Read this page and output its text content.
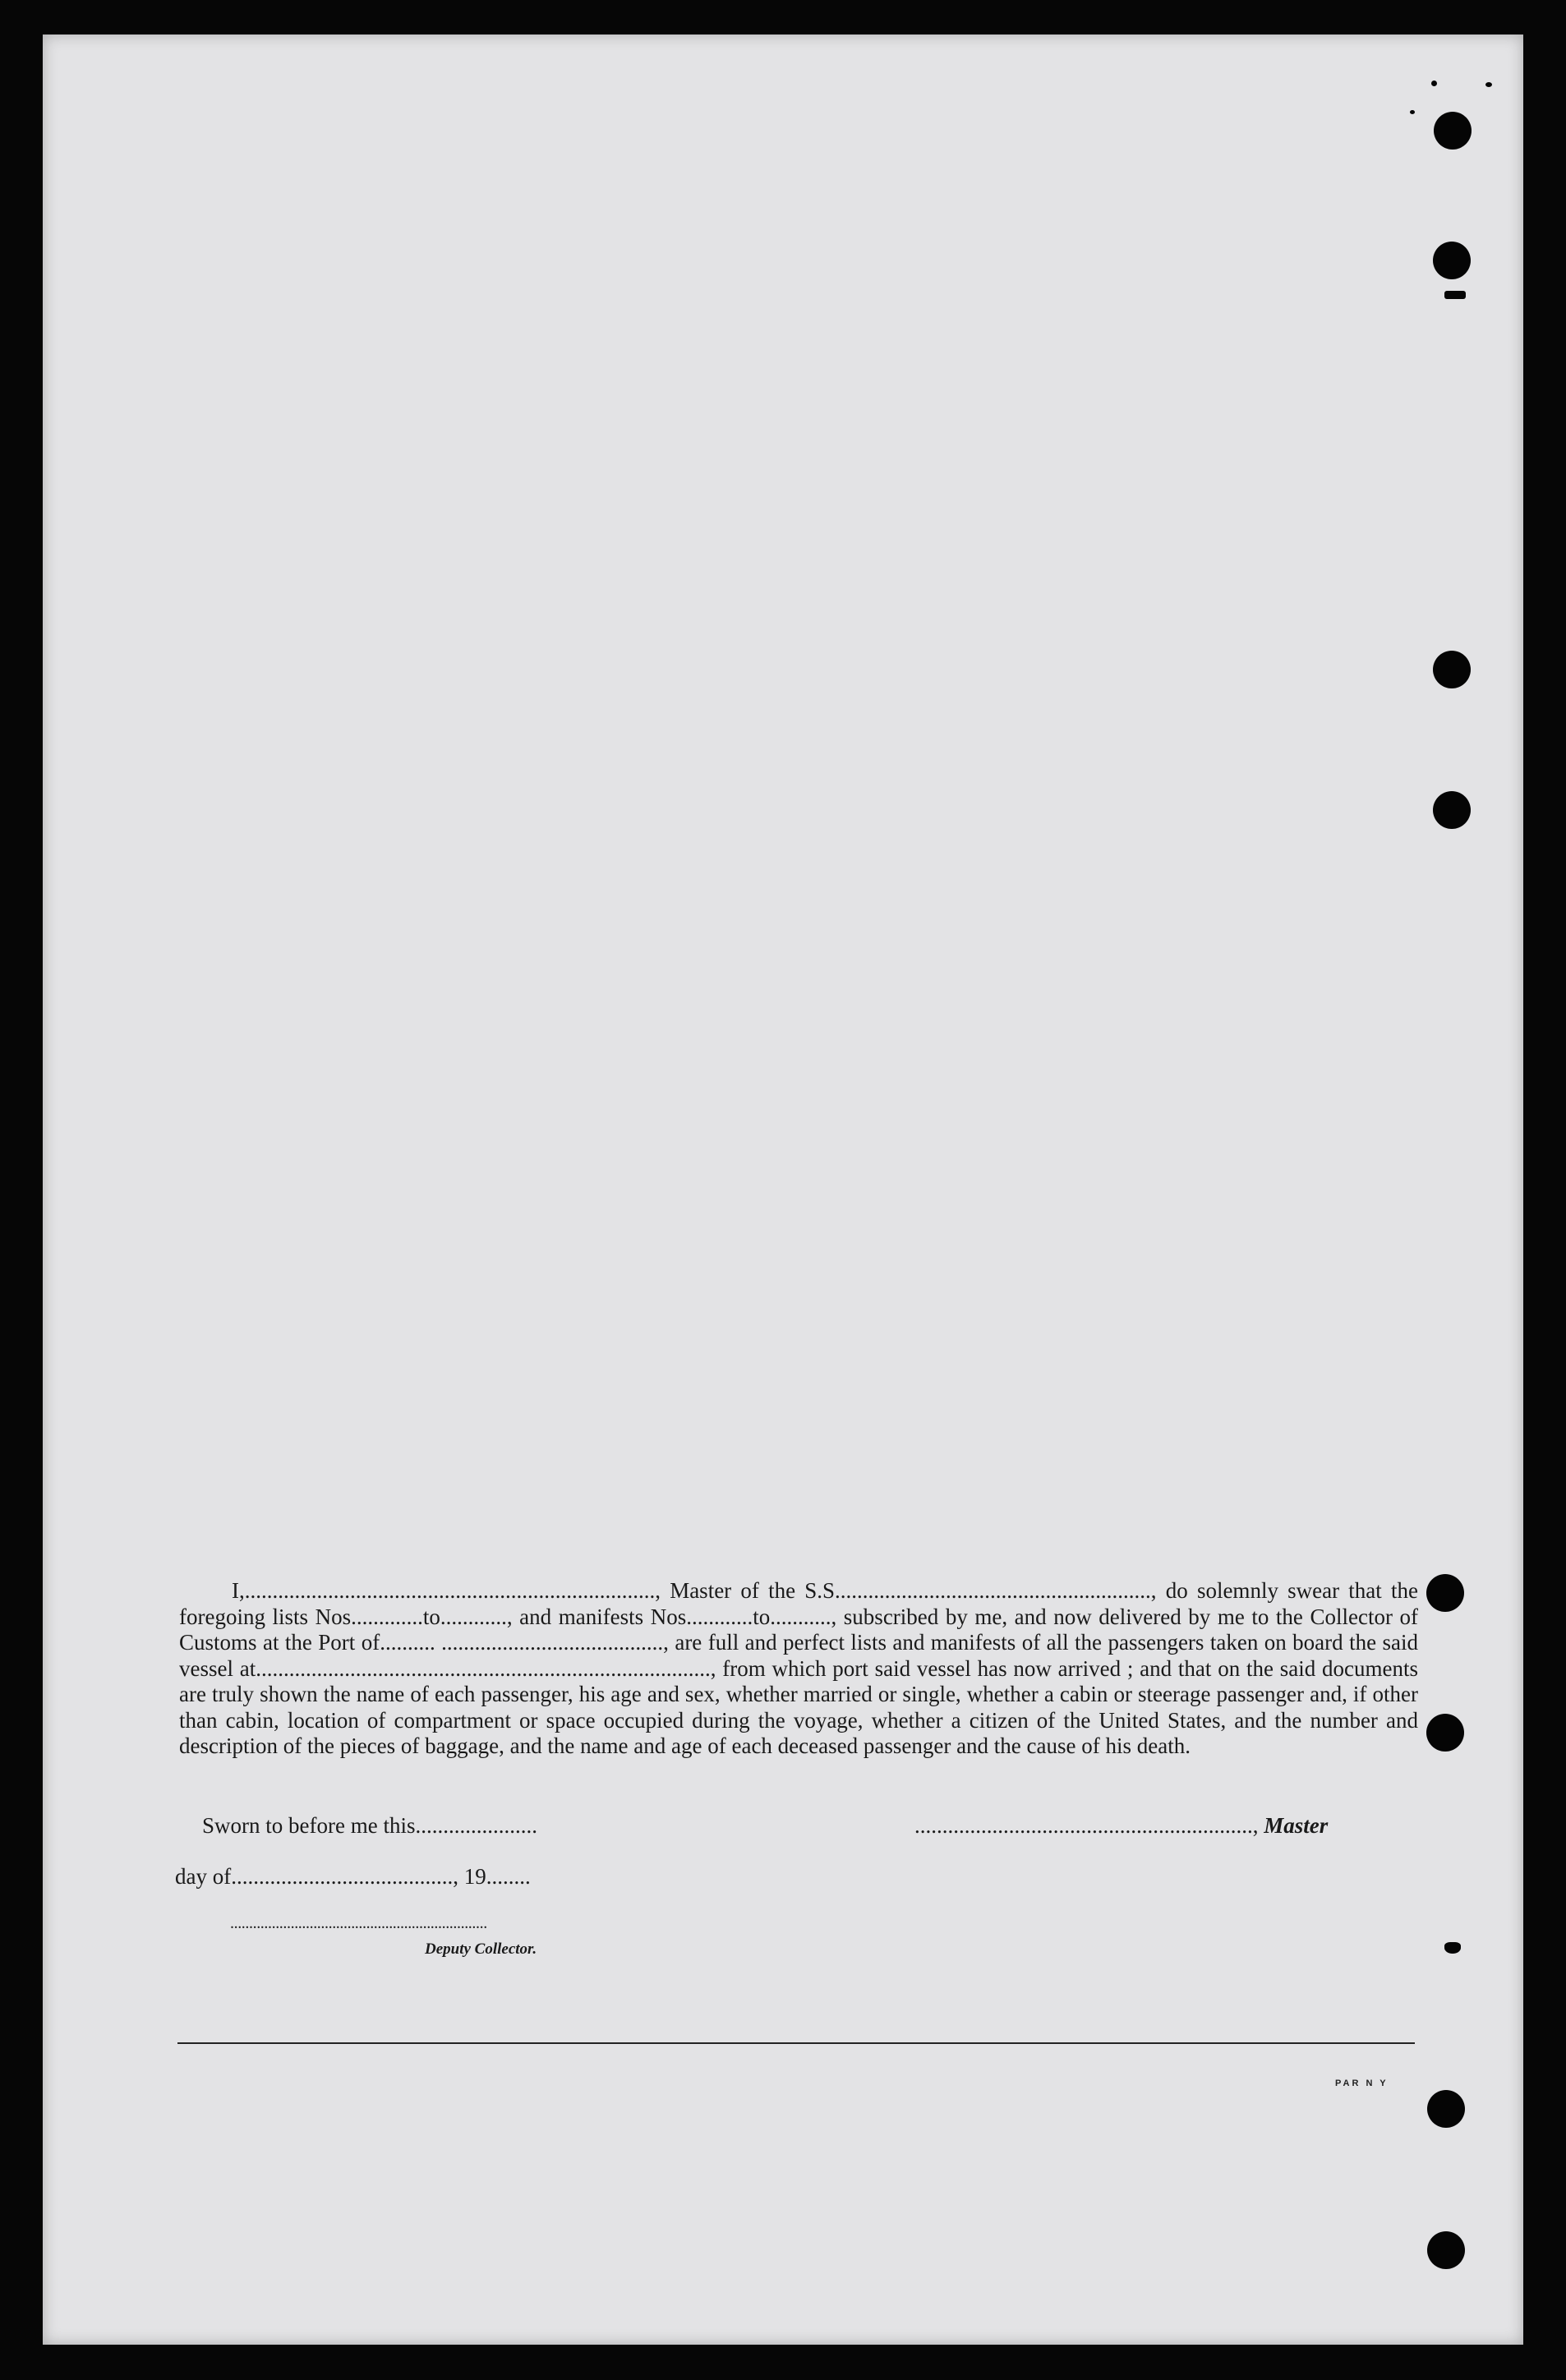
I,.........................................................................., Master of the S.S........................................................., do solemnly swear that the foregoing lists Nos.............to............, and manifests Nos............to..........., subscribed by me, and now delivered by me to the Collector of Customs at the Port of.......... ........................................, are full and perfect lists and manifests of all the passengers taken on board the said vessel at.................................................................................., from which port said vessel has now arrived ; and that on the said documents are truly shown the name of each passenger, his age and sex, whether married or single, whether a cabin or steerage passenger and, if other than cabin, location of compartment or space occupied during the voyage, whether a citizen of the United States, and the number and description of the pieces of baggage, and the name and age of each deceased passenger and the cause of his death.

Sworn to before me this......................	............................................................., Master
day of........................................, 19........
....................................................................
Deputy Collector.
PAR N Y
